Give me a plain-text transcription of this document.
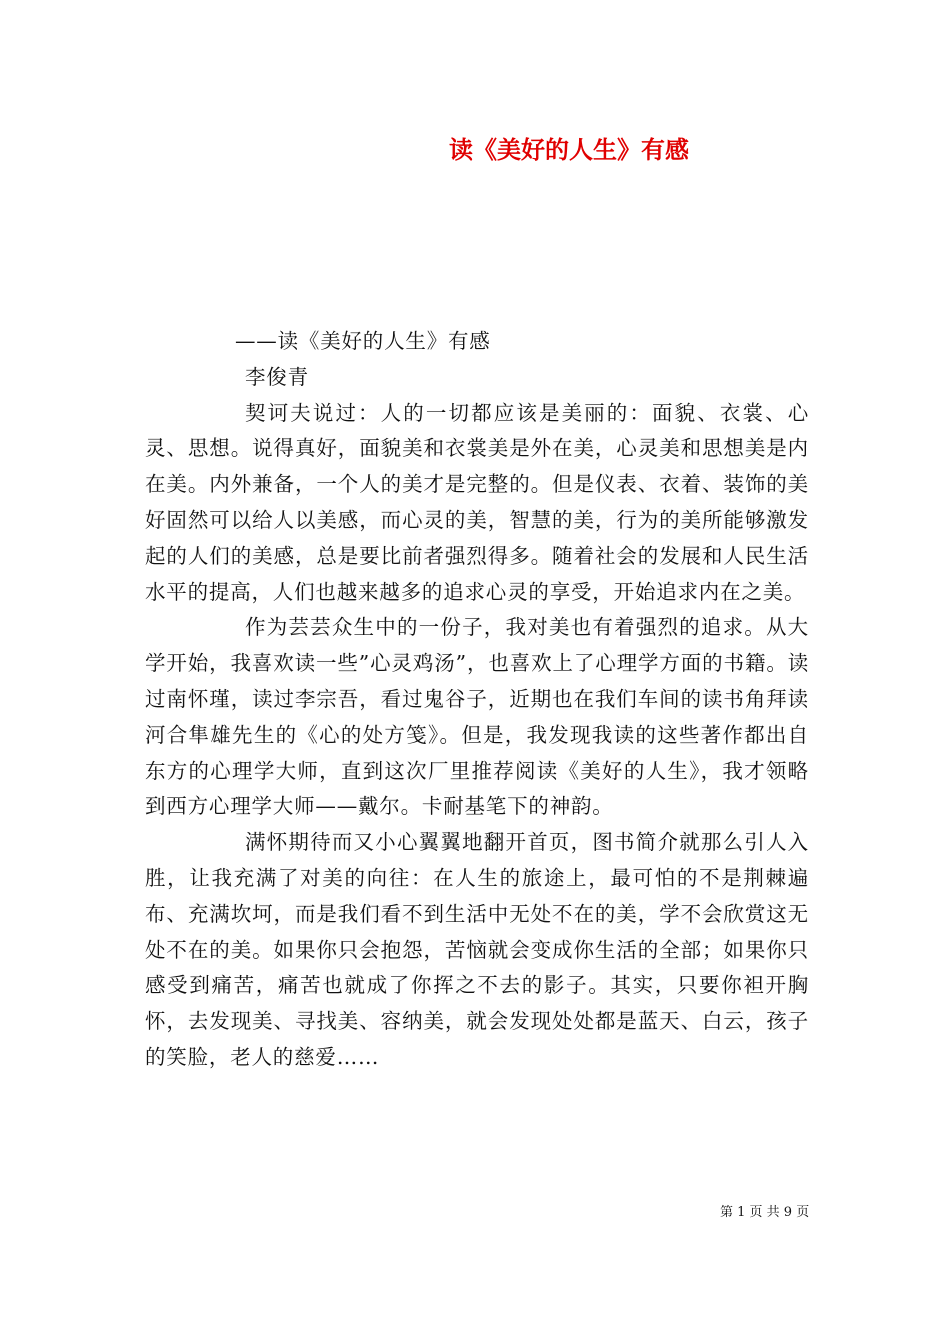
读《美好的人生》有感

——读《美好的人生》有感

李俊青

契诃夫说过：人的一切都应该是美丽的：面貌、衣裳、心灵、思想。说得真好，面貌美和衣裳美是外在美，心灵美和思想美是内在美。内外兼备，一个人的美才是完整的。但是仪表、衣着、装饰的美好固然可以给人以美感，而心灵的美，智慧的美，行为的美所能够激发起的人们的美感，总是要比前者强烈得多。随着社会的发展和人民生活水平的提高，人们也越来越多的追求心灵的享受，开始追求内在之美。

作为芸芸众生中的一份子，我对美也有着强烈的追求。从大学开始，我喜欢读一些”心灵鸡汤”，也喜欢上了心理学方面的书籍。读过南怀瑾，读过李宗吾，看过鬼谷子，近期也在我们车间的读书角拜读河合隼雄先生的《心的处方笺》。但是，我发现我读的这些著作都出自东方的心理学大师，直到这次厂里推荐阅读《美好的人生》，我才领略到西方心理学大师——戴尔。卡耐基笔下的神韵。

满怀期待而又小心翼翼地翻开首页，图书简介就那么引人入胜，让我充满了对美的向往：在人生的旅途上，最可怕的不是荆棘遍布、充满坎坷，而是我们看不到生活中无处不在的美，学不会欣赏这无处不在的美。如果你只会抱怨，苦恼就会变成你生活的全部；如果你只感受到痛苦，痛苦也就成了你挥之不去的影子。其实，只要你袒开胸怀，去发现美、寻找美、容纳美，就会发现处处都是蓝天、白云，孩子的笑脸，老人的慈爱……

第 1 页 共 9 页
